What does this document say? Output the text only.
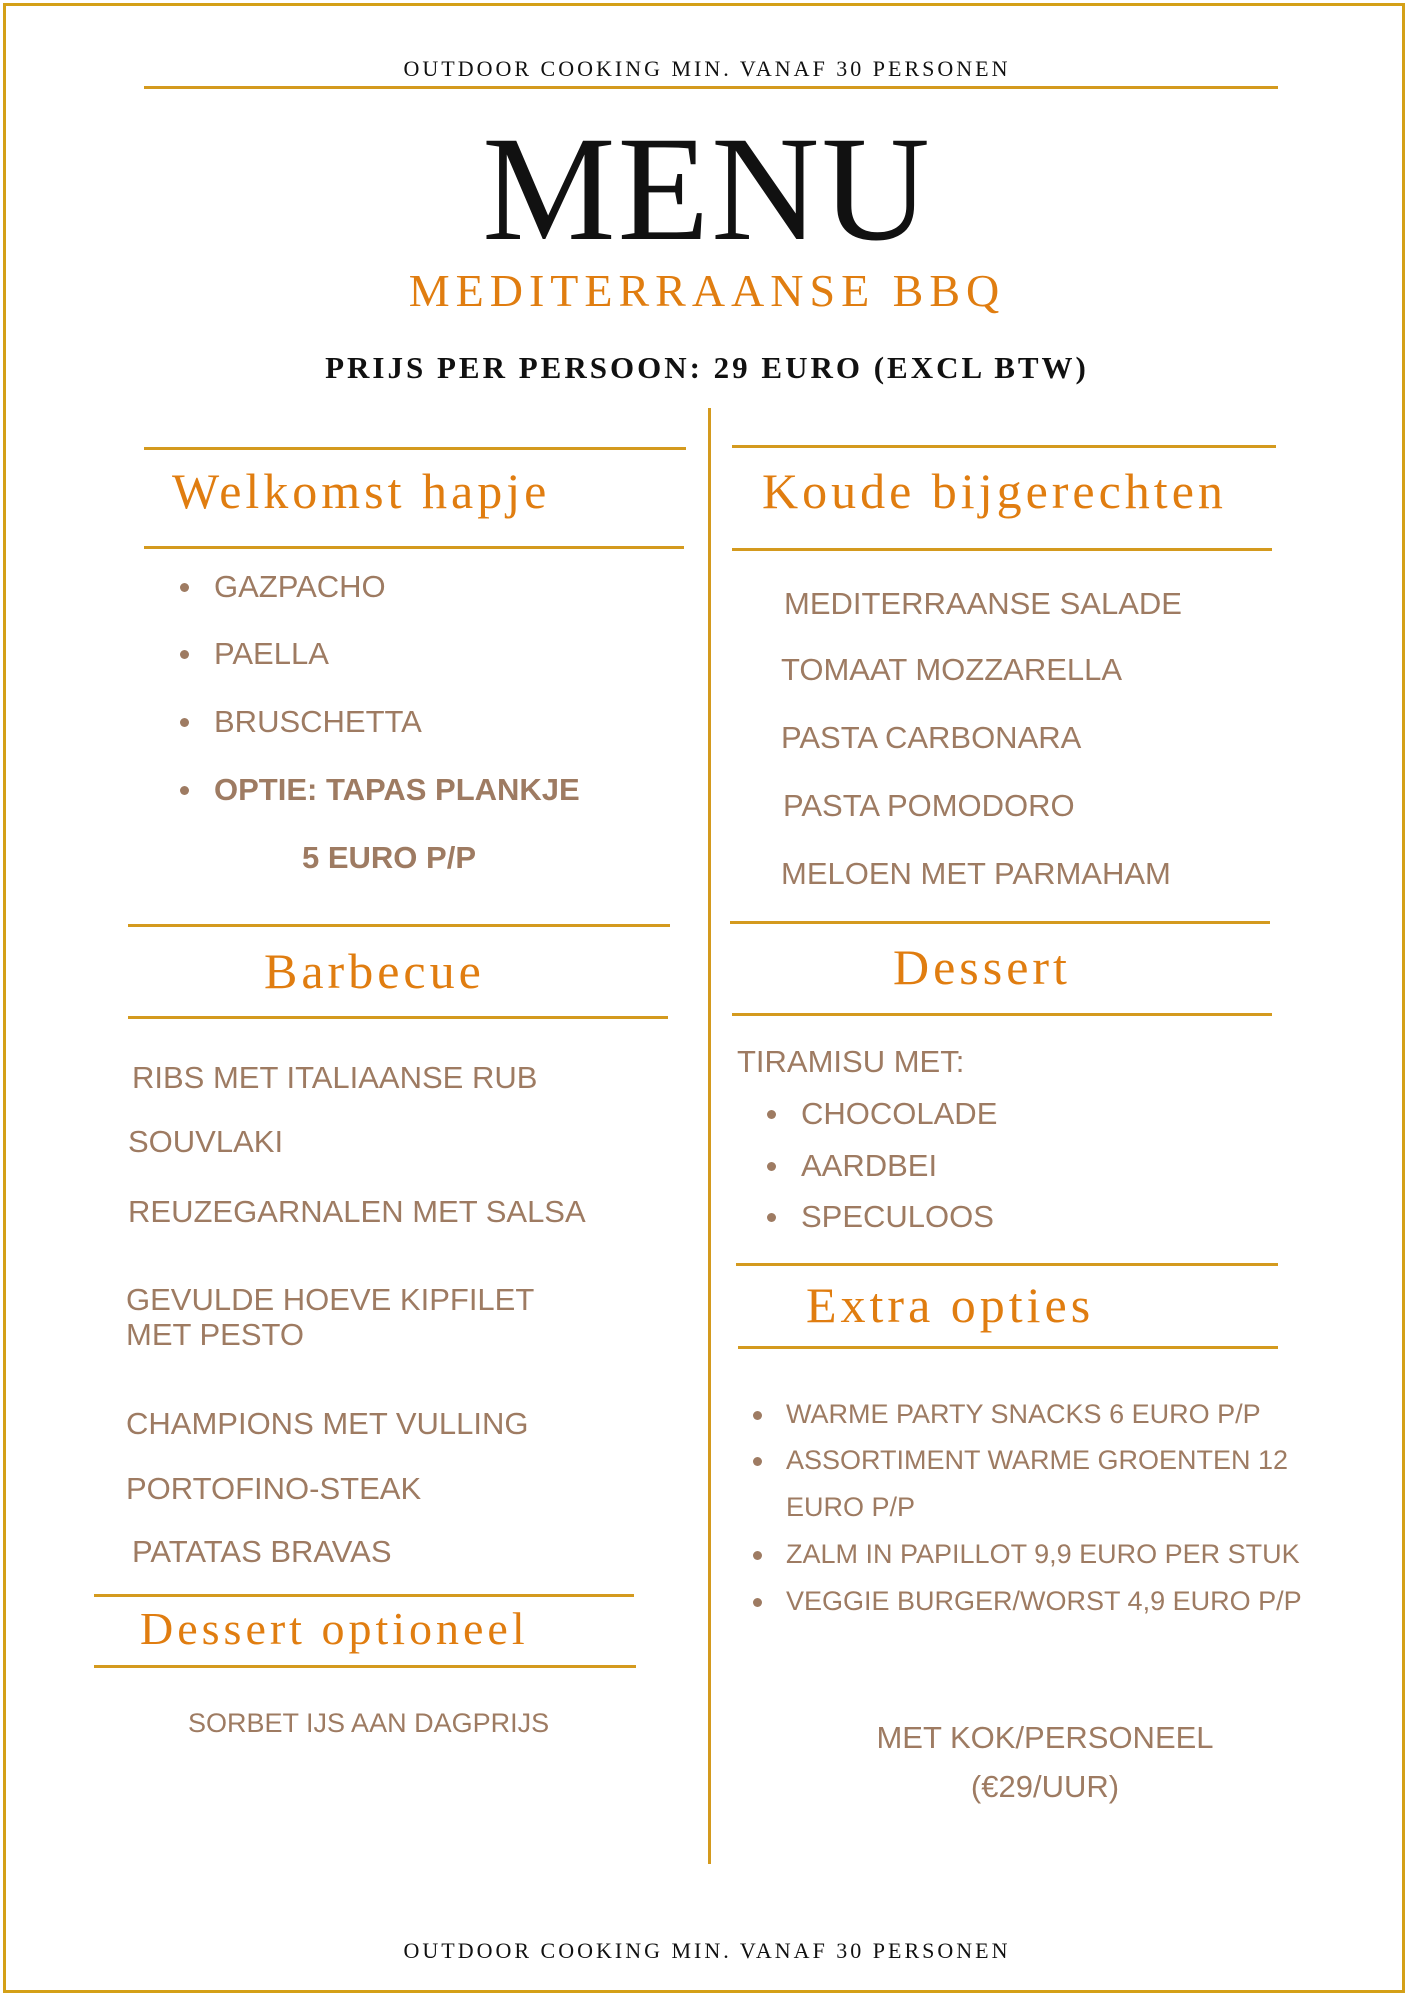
OUTDOOR COOKING MIN. VANAF 30 PERSONEN
MENU
MEDITERRAANSE BBQ
PRIJS PER PERSOON: 29 EURO (EXCL BTW)
Welkomst hapje
GAZPACHO
PAELLA
BRUSCHETTA
OPTIE: TAPAS PLANKJE
5 EURO P/P
Koude bijgerechten
MEDITERRAANSE SALADE
TOMAAT MOZZARELLA
PASTA CARBONARA
PASTA POMODORO
MELOEN MET PARMAHAM
Barbecue
RIBS MET ITALIAANSE RUB
SOUVLAKI
REUZEGARNALEN MET SALSA
GEVULDE HOEVE KIPFILET
MET PESTO
CHAMPIONS MET VULLING
PORTOFINO-STEAK
PATATAS BRAVAS
Dessert
TIRAMISU MET:
CHOCOLADE
AARDBEI
SPECULOOS
Extra opties
WARME PARTY SNACKS 6 EURO P/P
ASSORTIMENT WARME GROENTEN 12
EURO P/P
ZALM IN PAPILLOT 9,9 EURO PER STUK
VEGGIE BURGER/WORST 4,9 EURO P/P
Dessert optioneel
SORBET IJS AAN DAGPRIJS	MET KOK/PERSONEEL
(€29/UUR)
OUTDOOR COOKING MIN. VANAF 30 PERSONEN
